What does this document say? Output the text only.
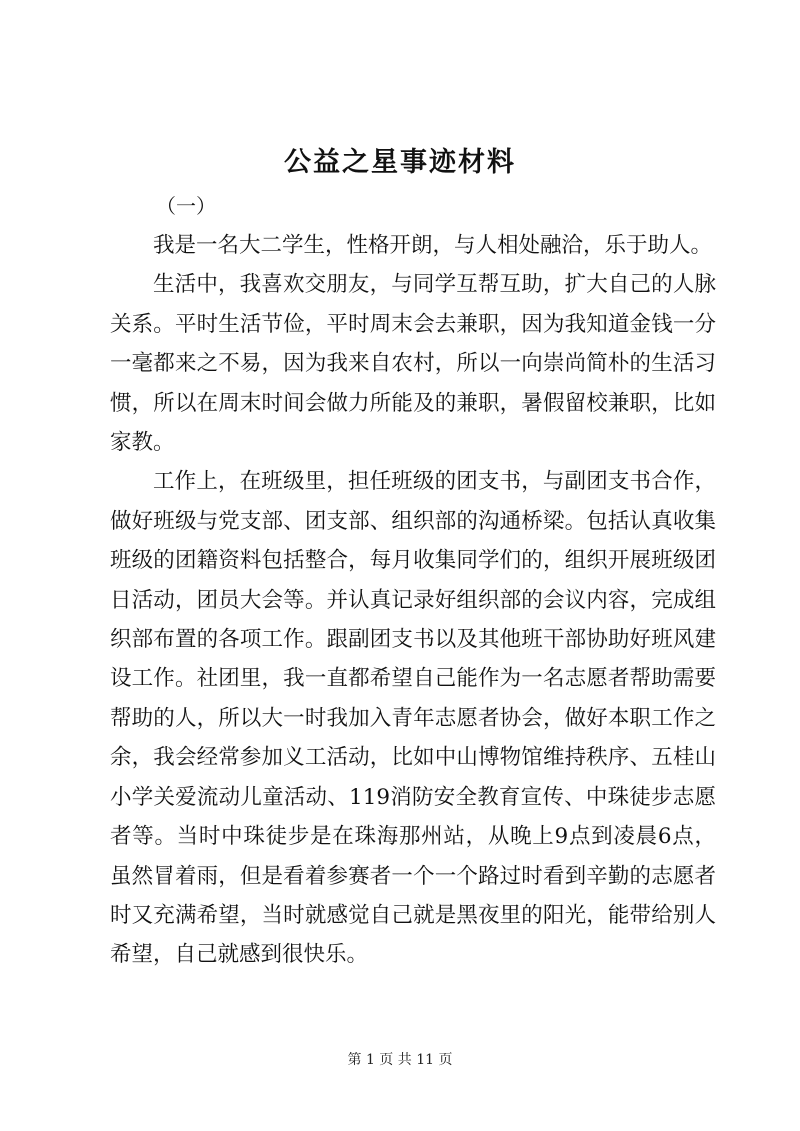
公益之星事迹材料

（一）

我是一名大二学生，性格开朗，与人相处融洽，乐于助人。

生活中，我喜欢交朋友，与同学互帮互助，扩大自己的人脉关系。平时生活节俭，平时周末会去兼职，因为我知道金钱一分一毫都来之不易，因为我来自农村，所以一向崇尚简朴的生活习惯，所以在周末时间会做力所能及的兼职，暑假留校兼职，比如家教。

工作上，在班级里，担任班级的团支书，与副团支书合作，做好班级与党支部、团支部、组织部的沟通桥梁。包括认真收集班级的团籍资料包括整合，每月收集同学们的，组织开展班级团日活动，团员大会等。并认真记录好组织部的会议内容，完成组织部布置的各项工作。跟副团支书以及其他班干部协助好班风建设工作。社团里，我一直都希望自己能作为一名志愿者帮助需要帮助的人，所以大一时我加入青年志愿者协会，做好本职工作之余，我会经常参加义工活动，比如中山博物馆维持秩序、五桂山小学关爱流动儿童活动、119消防安全教育宣传、中珠徒步志愿者等。当时中珠徒步是在珠海那州站，从晚上9点到凌晨6点，虽然冒着雨，但是看着参赛者一个一个路过时看到辛勤的志愿者时又充满希望，当时就感觉自己就是黑夜里的阳光，能带给别人希望，自己就感到很快乐。

第 1 页 共 11 页
